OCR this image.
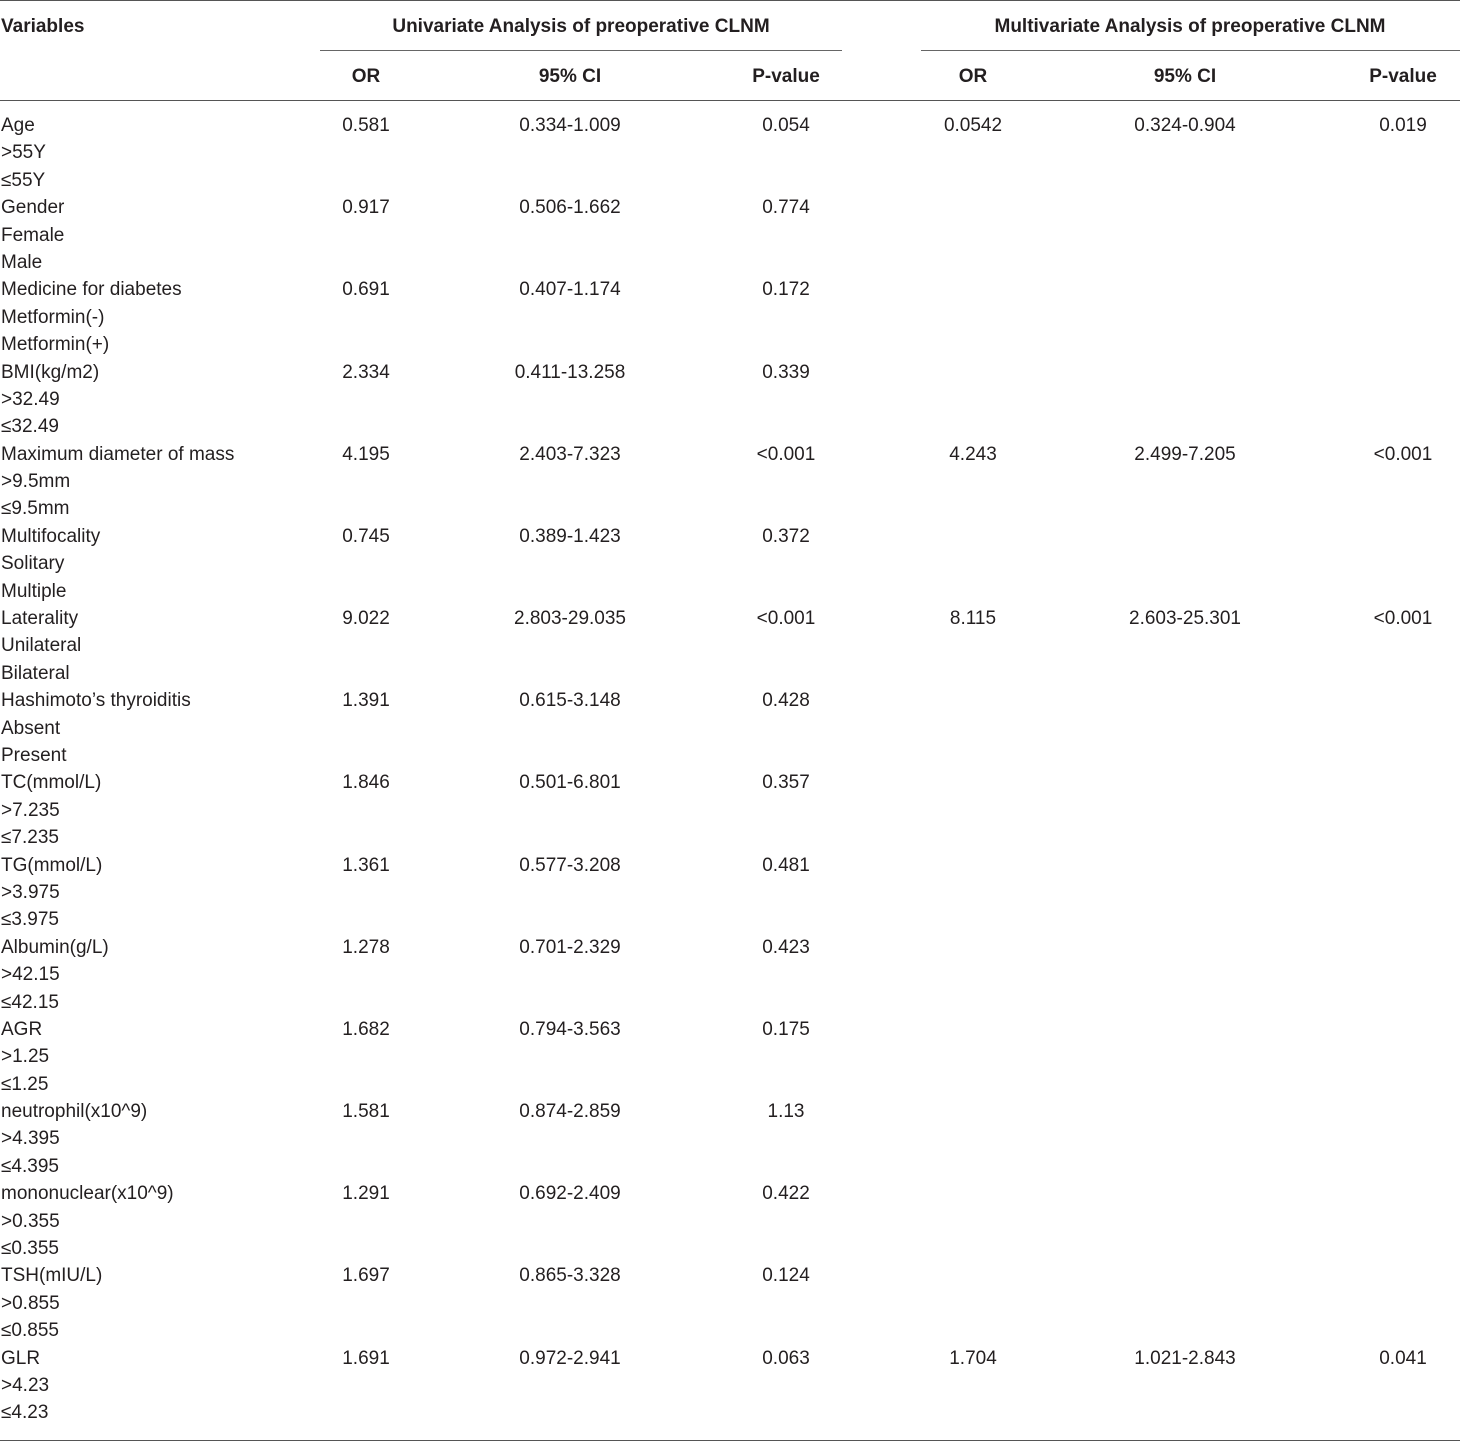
Variables	Univariate Analysis of preoperative CLNM	Multivariate Analysis of preoperative CLNM
OR	95% CI	P-value	OR	95% CI	P-value
Age	0.581	0.334-1.009	0.054	0.0542	0.324-0.904	0.019
>55Y
≤55Y
Gender	0.917	0.506-1.662	0.774
Female
Male
Medicine for diabetes	0.691	0.407-1.174	0.172
Metformin(-)
Metformin(+)
BMI(kg/m2)	2.334	0.411-13.258	0.339
>32.49
≤32.49
Maximum diameter of mass	4.195	2.403-7.323	<0.001	4.243	2.499-7.205	<0.001
>9.5mm
≤9.5mm
Multifocality	0.745	0.389-1.423	0.372
Solitary
Multiple
Laterality	9.022	2.803-29.035	<0.001	8.115	2.603-25.301	<0.001
Unilateral
Bilateral
Hashimoto’s thyroiditis	1.391	0.615-3.148	0.428
Absent
Present
TC(mmol/L)	1.846	0.501-6.801	0.357
>7.235
≤7.235
TG(mmol/L)	1.361	0.577-3.208	0.481
>3.975
≤3.975
Albumin(g/L)	1.278	0.701-2.329	0.423
>42.15
≤42.15
AGR	1.682	0.794-3.563	0.175
>1.25
≤1.25
neutrophil(x10^9)	1.581	0.874-2.859	1.13
>4.395
≤4.395
mononuclear(x10^9)	1.291	0.692-2.409	0.422
>0.355
≤0.355
TSH(mIU/L)	1.697	0.865-3.328	0.124
>0.855
≤0.855
GLR	1.691	0.972-2.941	0.063	1.704	1.021-2.843	0.041
>4.23
≤4.23
